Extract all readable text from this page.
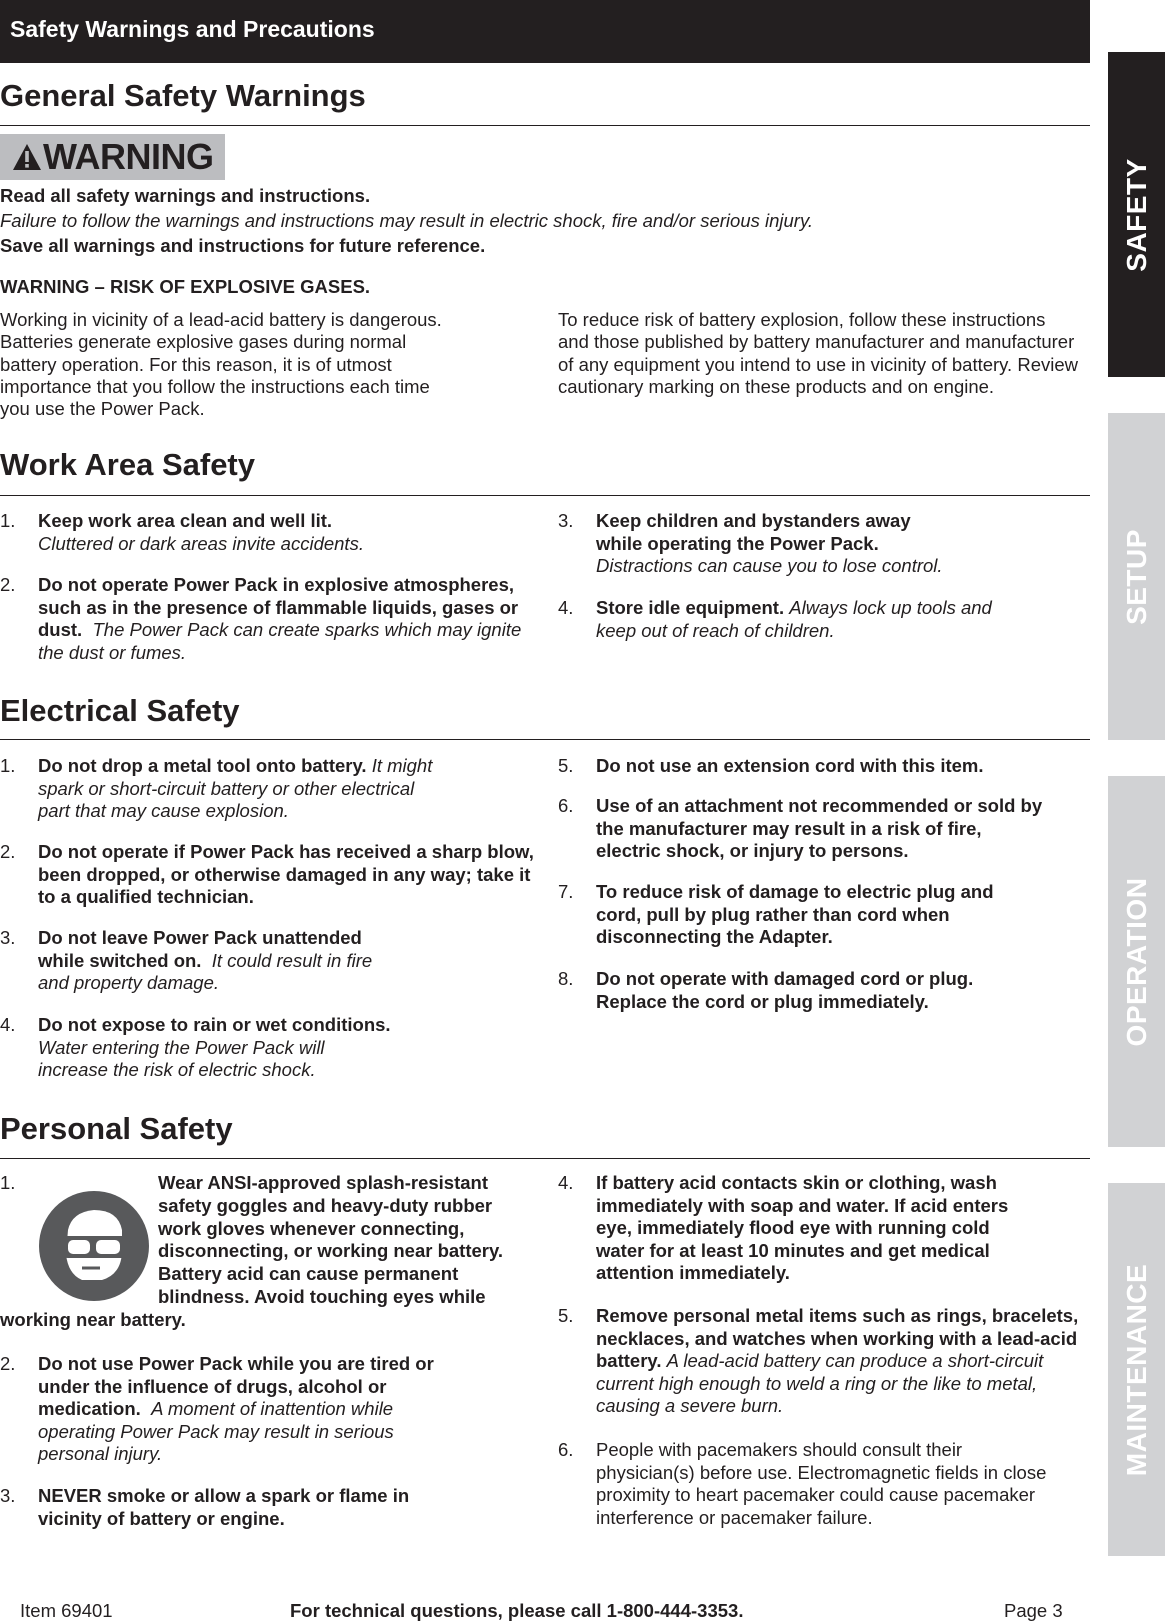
Safety Warnings and Precautions
SAFETY
SETUP
OPERATION
MAINTENANCE
General Safety Warnings
WARNING
Read all safety warnings and instructions.
Failure to follow the warnings and instructions may result in electric shock, fire and/or serious injury.
Save all warnings and instructions for future reference.
WARNING – RISK OF EXPLOSIVE GASES.

Working in vicinity of a lead-acid battery is dangerous. Batteries generate explosive gases during normal battery operation. For this reason, it is of utmost importance that you follow the instructions each time you use the Power Pack.

To reduce risk of battery explosion, follow these instructions and those published by battery manufacturer and manufacturer of any equipment you intend to use in vicinity of battery. Review cautionary marking on these products and on engine.

Work Area Safety
1. Keep work area clean and well lit.
Cluttered or dark areas invite accidents.
2. Do not operate Power Pack in explosive atmospheres, such as in the presence of flammable liquids, gases or dust. The Power Pack can create sparks which may ignite the dust or fumes.
3. Keep children and bystanders away while operating the Power Pack.
Distractions can cause you to lose control.
4. Store idle equipment. Always lock up tools and keep out of reach of children.
Electrical Safety
1. Do not drop a metal tool onto battery. It might spark or short-circuit battery or other electrical part that may cause explosion.
2. Do not operate if Power Pack has received a sharp blow, been dropped, or otherwise damaged in any way; take it to a qualified technician.
3. Do not leave Power Pack unattended while switched on. It could result in fire and property damage.
4. Do not expose to rain or wet conditions.
Water entering the Power Pack will increase the risk of electric shock.
5. Do not use an extension cord with this item.
6. Use of an attachment not recommended or sold by the manufacturer may result in a risk of fire, electric shock, or injury to persons.
7. To reduce risk of damage to electric plug and cord, pull by plug rather than cord when disconnecting the Adapter.
8. Do not operate with damaged cord or plug. Replace the cord or plug immediately.
Personal Safety
1.	Wear ANSI-approved splash-resistant safety goggles and heavy-duty rubber work gloves whenever connecting, disconnecting, or working near battery. Battery acid can cause permanent blindness. Avoid touching eyes while working near battery.
2. Do not use Power Pack while you are tired or under the influence of drugs, alcohol or medication. A moment of inattention while operating Power Pack may result in serious personal injury.
3. NEVER smoke or allow a spark or flame in vicinity of battery or engine.
4. If battery acid contacts skin or clothing, wash immediately with soap and water. If acid enters eye, immediately flood eye with running cold water for at least 10 minutes and get medical attention immediately.
5. Remove personal metal items such as rings, bracelets, necklaces, and watches when working with a lead-acid battery. A lead-acid battery can produce a short-circuit current high enough to weld a ring or the like to metal, causing a severe burn.
6. People with pacemakers should consult their physician(s) before use. Electromagnetic fields in close proximity to heart pacemaker could cause pacemaker interference or pacemaker failure.
Item 69401	For technical questions, please call 1-800-444-3353.	Page 3
